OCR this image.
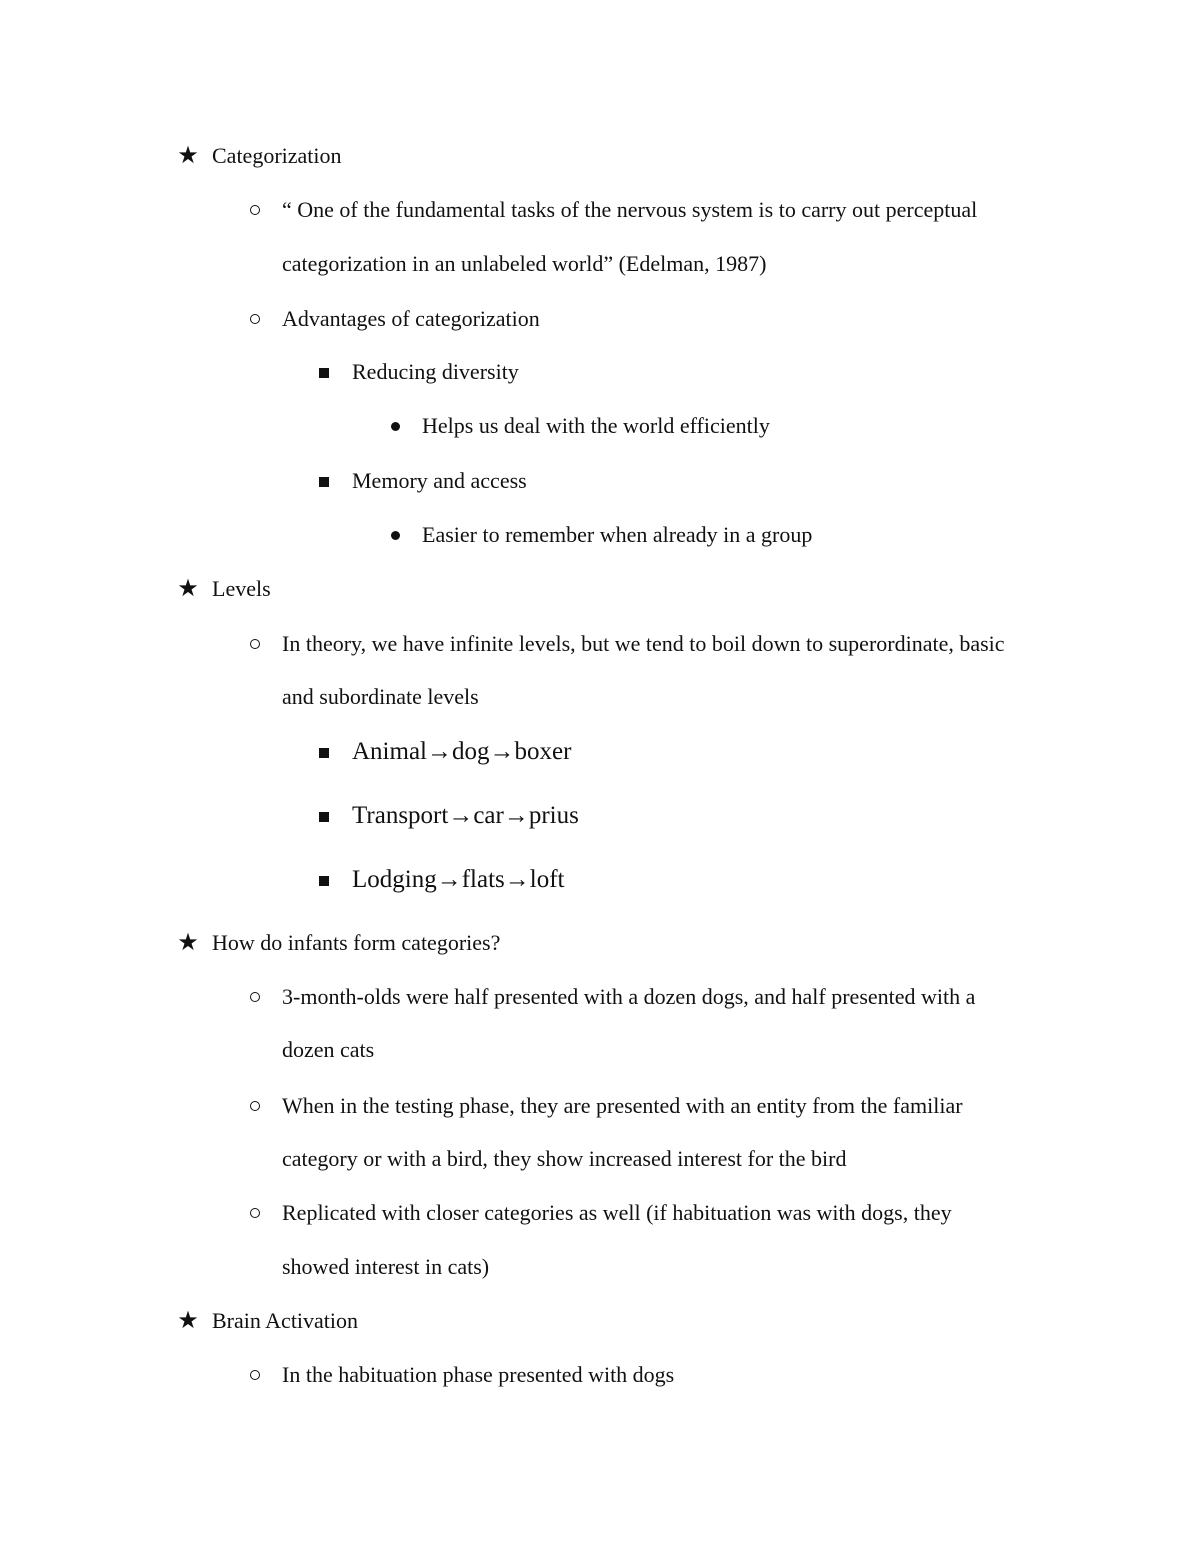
★ Categorization
“ One of the fundamental tasks of the nervous system is to carry out perceptual
categorization in an unlabeled world” (Edelman, 1987)
Advantages of categorization
Reducing diversity
Helps us deal with the world efficiently
Memory and access
Easier to remember when already in a group
★ Levels
In theory, we have infinite levels, but we tend to boil down to superordinate, basic
and subordinate levels
Animal→dog→boxer
Transport→car→prius
Lodging→flats→loft
★ How do infants form categories?
3-month-olds were half presented with a dozen dogs, and half presented with a
dozen cats
When in the testing phase, they are presented with an entity from the familiar
category or with a bird, they show increased interest for the bird
Replicated with closer categories as well (if habituation was with dogs, they
showed interest in cats)
★ Brain Activation
In the habituation phase presented with dogs
